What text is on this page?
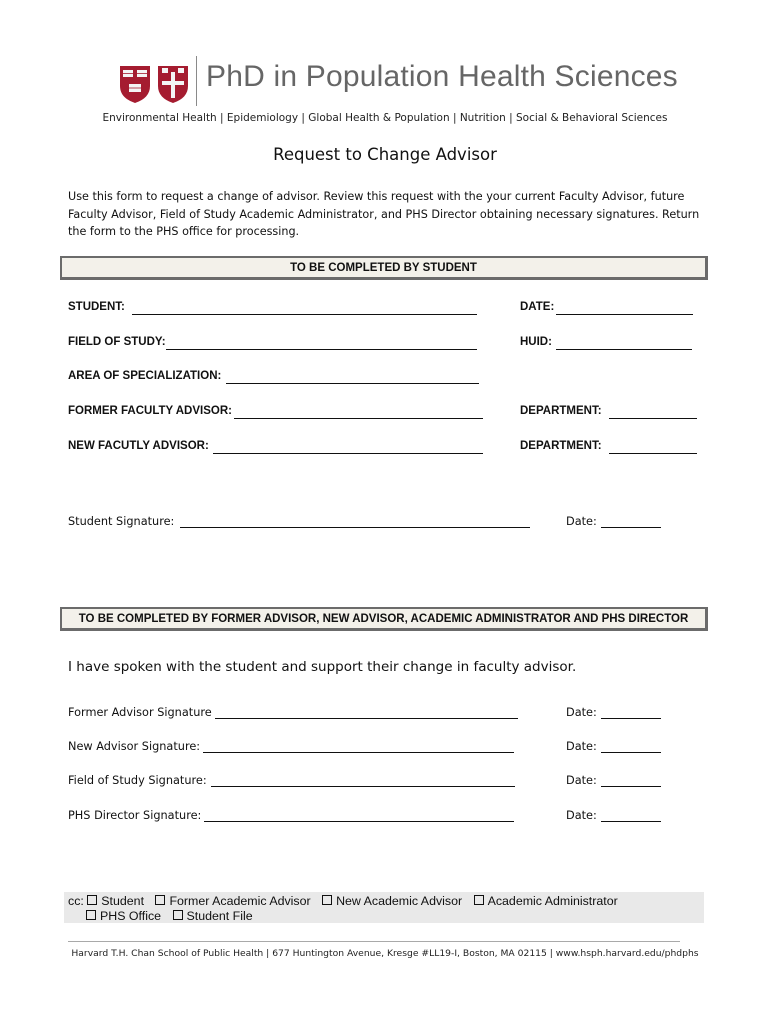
PhD in Population Health Sciences
Environmental Health | Epidemiology | Global Health & Population | Nutrition | Social & Behavioral Sciences
Request to Change Advisor
Use this form to request a change of advisor. Review this request with the your current Faculty Advisor, future Faculty Advisor, Field of Study Academic Administrator, and PHS Director obtaining necessary signatures. Return the form to the PHS office for processing.
TO BE COMPLETED BY STUDENT
STUDENT:	DATE:
FIELD OF STUDY:	HUID:
AREA OF SPECIALIZATION:
FORMER FACULTY ADVISOR:	DEPARTMENT:
NEW FACUTLY ADVISOR:	DEPARTMENT:
Student Signature:	Date:
TO BE COMPLETED BY FORMER ADVISOR, NEW ADVISOR, ACADEMIC ADMINISTRATOR AND PHS DIRECTOR
I have spoken with the student and support their change in faculty advisor.
Former Advisor Signature	Date:
New Advisor Signature:	Date:
Field of Study Signature:	Date:
PHS Director Signature:	Date:
cc: Student Former Academic Advisor New Academic Advisor Academic Administrator
PHS Office Student File
Harvard T.H. Chan School of Public Health | 677 Huntington Avenue, Kresge #LL19-I, Boston, MA 02115 | www.hsph.harvard.edu/phdphs
